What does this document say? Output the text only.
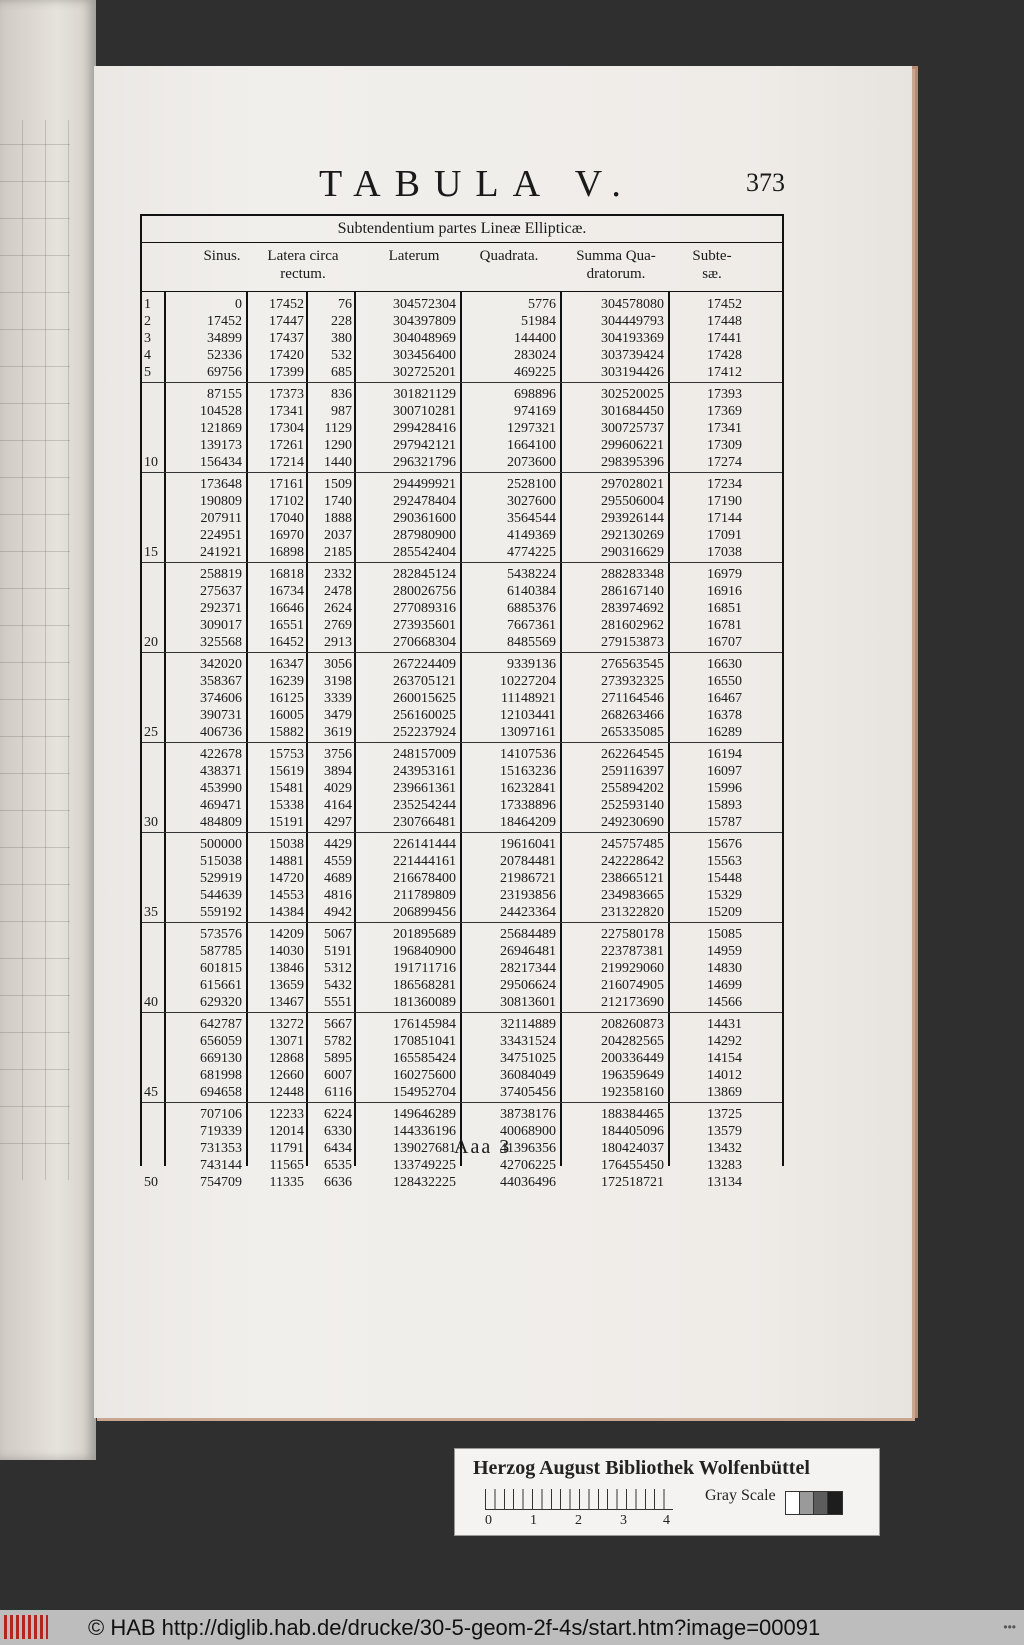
TABULA V.	373
Subtendentium partes Lineæ Ellipticæ.
Sinus.	Latera circa
rectum.
Laterum	Quadrata.	Summa Qua-
dratorum.
Subte-
sæ.
1	0	17452	76	304572304	5776	304578080	17452
2	17452	17447	228	304397809	51984	304449793	17448
3	34899	17437	380	304048969	144400	304193369	17441
4	52336	17420	532	303456400	283024	303739424	17428
5	69756	17399	685	302725201	469225	303194426	17412
87155	17373	836	301821129	698896	302520025	17393
104528	17341	987	300710281	974169	301684450	17369
121869	17304	1129	299428416	1297321	300725737	17341
139173	17261	1290	297942121	1664100	299606221	17309
10	156434	17214	1440	296321796	2073600	298395396	17274
173648	17161	1509	294499921	2528100	297028021	17234
190809	17102	1740	292478404	3027600	295506004	17190
207911	17040	1888	290361600	3564544	293926144	17144
224951	16970	2037	287980900	4149369	292130269	17091
15	241921	16898	2185	285542404	4774225	290316629	17038
258819	16818	2332	282845124	5438224	288283348	16979
275637	16734	2478	280026756	6140384	286167140	16916
292371	16646	2624	277089316	6885376	283974692	16851
309017	16551	2769	273935601	7667361	281602962	16781
20	325568	16452	2913	270668304	8485569	279153873	16707
342020	16347	3056	267224409	9339136	276563545	16630
358367	16239	3198	263705121	10227204	273932325	16550
374606	16125	3339	260015625	11148921	271164546	16467
390731	16005	3479	256160025	12103441	268263466	16378
25	406736	15882	3619	252237924	13097161	265335085	16289
422678	15753	3756	248157009	14107536	262264545	16194
438371	15619	3894	243953161	15163236	259116397	16097
453990	15481	4029	239661361	16232841	255894202	15996
469471	15338	4164	235254244	17338896	252593140	15893
30	484809	15191	4297	230766481	18464209	249230690	15787
500000	15038	4429	226141444	19616041	245757485	15676
515038	14881	4559	221444161	20784481	242228642	15563
529919	14720	4689	216678400	21986721	238665121	15448
544639	14553	4816	211789809	23193856	234983665	15329
35	559192	14384	4942	206899456	24423364	231322820	15209
573576	14209	5067	201895689	25684489	227580178	15085
587785	14030	5191	196840900	26946481	223787381	14959
601815	13846	5312	191711716	28217344	219929060	14830
615661	13659	5432	186568281	29506624	216074905	14699
40	629320	13467	5551	181360089	30813601	212173690	14566
642787	13272	5667	176145984	32114889	208260873	14431
656059	13071	5782	170851041	33431524	204282565	14292
669130	12868	5895	165585424	34751025	200336449	14154
681998	12660	6007	160275600	36084049	196359649	14012
45	694658	12448	6116	154952704	37405456	192358160	13869
707106	12233	6224	149646289	38738176	188384465	13725
719339	12014	6330	144336196	40068900	184405096	13579
731353	11791	6434	139027681	41396356	180424037	13432
743144	11565	6535	133749225	42706225	176455450	13283
50	754709	11335	6636	128432225	44036496	172518721	13134
Aaa 3
Herzog August Bibliothek Wolfenbüttel
0	1	2	3	4
Gray Scale
© HAB http://diglib.hab.de/drucke/30-5-geom-2f-4s/start.htm?image=00091	•••
